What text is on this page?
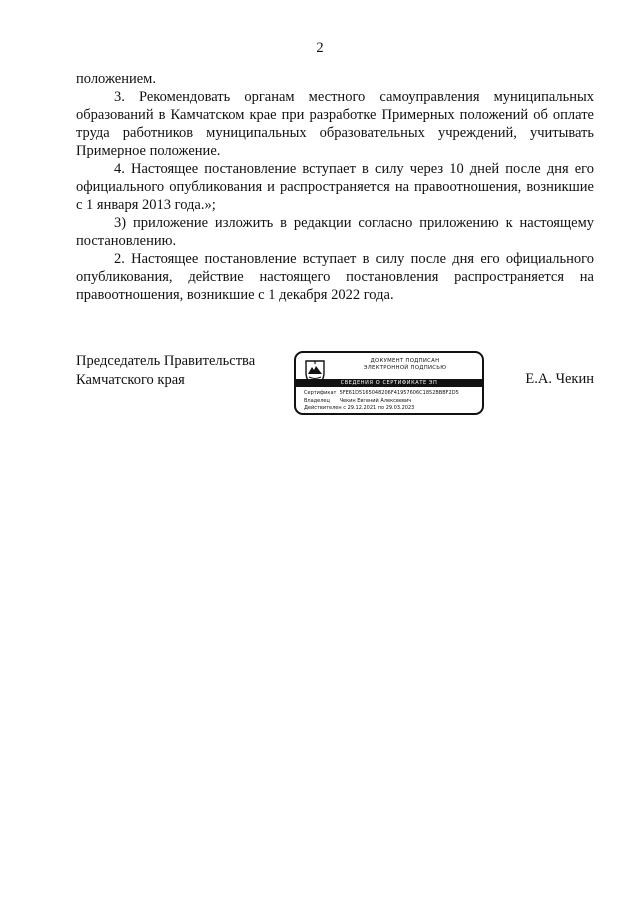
2

положением.

3. Рекомендовать органам местного самоуправления муниципальных образований в Камчатском крае при разработке Примерных положений об оплате труда работников муниципальных образовательных учреждений, учитывать Примерное положение.

4. Настоящее постановление вступает в силу через 10 дней после дня его официального опубликования и распространяется на правоотношения, возникшие с 1 января 2013 года.»;

3) приложение изложить в редакции согласно приложению к настоящему постановлению.

2. Настоящее постановление вступает в силу после дня его официального опубликования, действие настоящего постановления распространяется на правоотношения, возникшие с 1 декабря 2022 года.

Председатель Правительства
Камчатского края
ДОКУМЕНТ ПОДПИСАН
ЭЛЕКТРОННОЙ ПОДПИСЬЮ
СВЕДЕНИЯ О СЕРТИФИКАТЕ ЭП
Сертификат 5FE61D5165048206F41957606C1852BBBF2D5
Владелец Чекин Евгений Алексеевич
Действителен с 29.12.2021 по 29.03.2023
Е.А. Чекин
